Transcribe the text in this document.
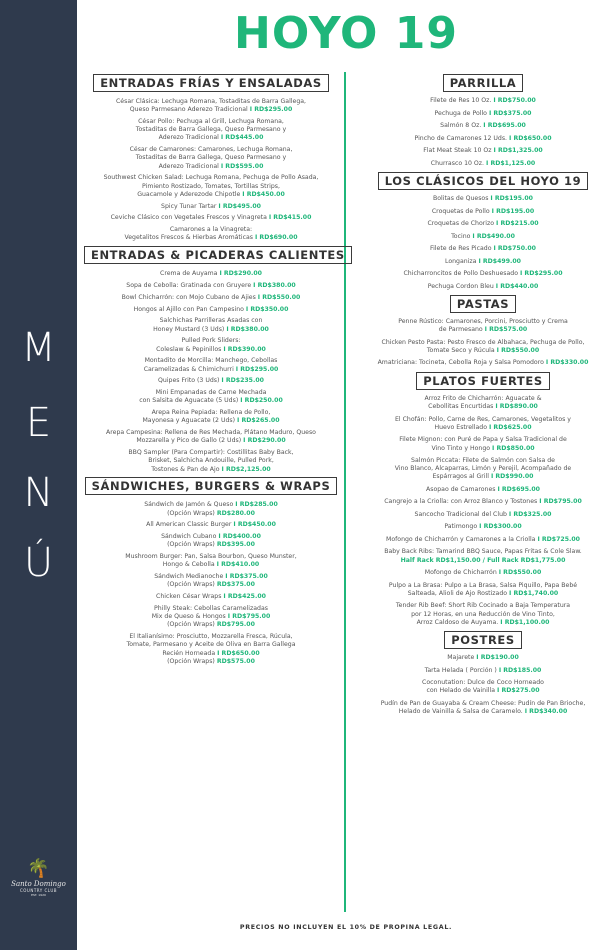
M
E
N
Ú
🌴
Santo Domingo
COUNTRY CLUB
EST. 1920
HOYO 19
ENTRADAS FRÍAS Y ENSALADAS
César Clásica: Lechuga Romana, Tostaditas de Barra Gallega,
Queso Parmesano Aderezo Tradicional I RD$295.00
César Pollo: Pechuga al Grill, Lechuga Romana,
Tostaditas de Barra Gallega, Queso Parmesano y
Aderezo Tradicional I RD$445.00
César de Camarones: Camarones, Lechuga Romana,
Tostaditas de Barra Gallega, Queso Parmesano y
Aderezo Tradicional I RD$595.00
Southwest Chicken Salad: Lechuga Romana, Pechuga de Pollo Asada,
Pimiento Rostizado, Tomates, Tortillas Strips,
Guacamole y Aderezode Chipotle I RD$450.00
Spicy Tunar Tartar I RD$495.00
Ceviche Clásico con Vegetales Frescos y Vinagreta I RD$415.00
Camarones a la Vinagreta:
Vegetalitos Frescos & Hierbas Aromáticas I RD$690.00
ENTRADAS & PICADERAS CALIENTES
Crema de Auyama I RD$290.00
Sopa de Cebolla: Gratinada con Gruyere I RD$380.00
Bowl Chicharrón: con Mojo Cubano de Ajies I RD$550.00
Hongos al Ajillo con Pan Campesino I RD$350.00
Salchichas Parrilleras Asadas con
Honey Mustard (3 Uds) I RD$380.00
Pulled Pork Sliders:
Coleslaw & Pepinillos I RD$390.00
Montadito de Morcilla: Manchego, Cebollas
Caramelizadas & Chimichurri I RD$295.00
Quipes Frito (3 Uds) I RD$235.00
Mini Empanadas de Carne Mechada
con Salsita de Aguacate (5 Uds) I RD$250.00
Arepa Reina Pepiada: Rellena de Pollo,
Mayonesa y Aguacate (2 Uds) I RD$265.00
Arepa Campesina: Rellena de Res Mechada, Plátano Maduro, Queso
Mozzarella y Pico de Gallo (2 Uds) I RD$290.00
BBQ Sampler (Para Compartir): Costillitas Baby Back,
Brisket, Salchicha Andouille, Pulled Pork,
Tostones & Pan de Ajo I RD$2,125.00
SÁNDWICHES, BURGERS & WRAPS
Sándwich de Jamón & Queso I RD$285.00
(Opción Wraps) RD$280.00
All American Classic Burger I RD$450.00
Sándwich Cubano I RD$400.00
(Opción Wraps) RD$395.00
Mushroom Burger: Pan, Salsa Bourbon, Queso Munster,
Hongo & Cebolla I RD$410.00
Sándwich Medianoche I RD$375.00
(Opción Wraps) RD$375.00
Chicken César Wraps I RD$425.00
Philly Steak: Cebollas Caramelizadas
Mix de Queso & Hongos I RD$795.00
(Opción Wraps) RD$795.00
El Italianísimo: Prosciutto, Mozzarella Fresca, Rúcula,
Tomate, Parmesano y Aceite de Oliva en Barra Gallega
Recién Horneada I RD$650.00
(Opción Wraps) RD$575.00
PARRILLA
Filete de Res 10 Oz. I RD$750.00
Pechuga de Pollo I RD$375.00
Salmón 8 Oz. I RD$695.00
Pincho de Camarones 12 Uds. I RD$650.00
Flat Meat Steak 10 Oz I RD$1,325.00
Churrasco 10 Oz. I RD$1,125.00
LOS CLÁSICOS DEL HOYO 19
Bolitas de Quesos I RD$195.00
Croquetas de Pollo I RD$195.00
Croquetas de Chorizo I RD$215.00
Tocino I RD$490.00
Filete de Res Picado I RD$750.00
Longaniza I RD$499.00
Chicharroncitos de Pollo Deshuesado I RD$295.00
Pechuga Cordon Bleu I RD$440.00
PASTAS
Penne Rústico: Camarones, Porcini, Prosciutto y Crema
de Parmesano I RD$575.00
Chicken Pesto Pasta: Pesto Fresco de Albahaca, Pechuga de Pollo,
Tomate Seco y Rúcula I RD$550.00
Amatriciana: Tocineta, Cebolla Roja y Salsa Pomodoro I RD$330.00
PLATOS FUERTES
Arroz Frito de Chicharrón: Aguacate &
Cebollitas Encurtidas I RD$890.00
El Chofán: Pollo, Carne de Res, Camarones, Vegetalitos y
Huevo Estrellado I RD$625.00
Filete Mignon: con Puré de Papa y Salsa Tradicional de
Vino Tinto y Hongo I RD$850.00
Salmón Piccata: Filete de Salmón con Salsa de
Vino Blanco, Alcaparras, Limón y Perejil, Acompañado de
Espárragos al Grill I RD$990.00
Asopao de Camarones I RD$695.00
Cangrejo a la Criolla: con Arroz Blanco y Tostones I RD$795.00
Sancocho Tradicional del Club I RD$325.00
Patimongo I RD$300.00
Mofongo de Chicharrón y Camarones a la Criolla I RD$725.00
Baby Back Ribs: Tamarind BBQ Sauce, Papas Fritas & Cole Slaw.
Half Rack RD$1,150.00 / Full Rack RD$1,775.00
Mofongo de Chicharrón I RD$550.00
Pulpo a La Brasa: Pulpo a La Brasa, Salsa Piquillo, Papa Bebé
Salteada, Alioli de Ajo Rostizado I RD$1,740.00
Tender Rib Beef: Short Rib Cocinado a Baja Temperatura
por 12 Horas, en una Reducción de Vino Tinto,
Arroz Caldoso de Auyama. I RD$1,100.00
POSTRES
Majarete I RD$190.00
Tarta Helada ( Porción ) I RD$185.00
Coconutation: Dulce de Coco Horneado
con Helado de Vainilla I RD$275.00
Pudín de Pan de Guayaba & Cream Cheese: Pudín de Pan Brioche,
Helado de Vainilla & Salsa de Caramelo. I RD$340.00
PRECIOS NO INCLUYEN EL 10% DE PROPINA LEGAL.
